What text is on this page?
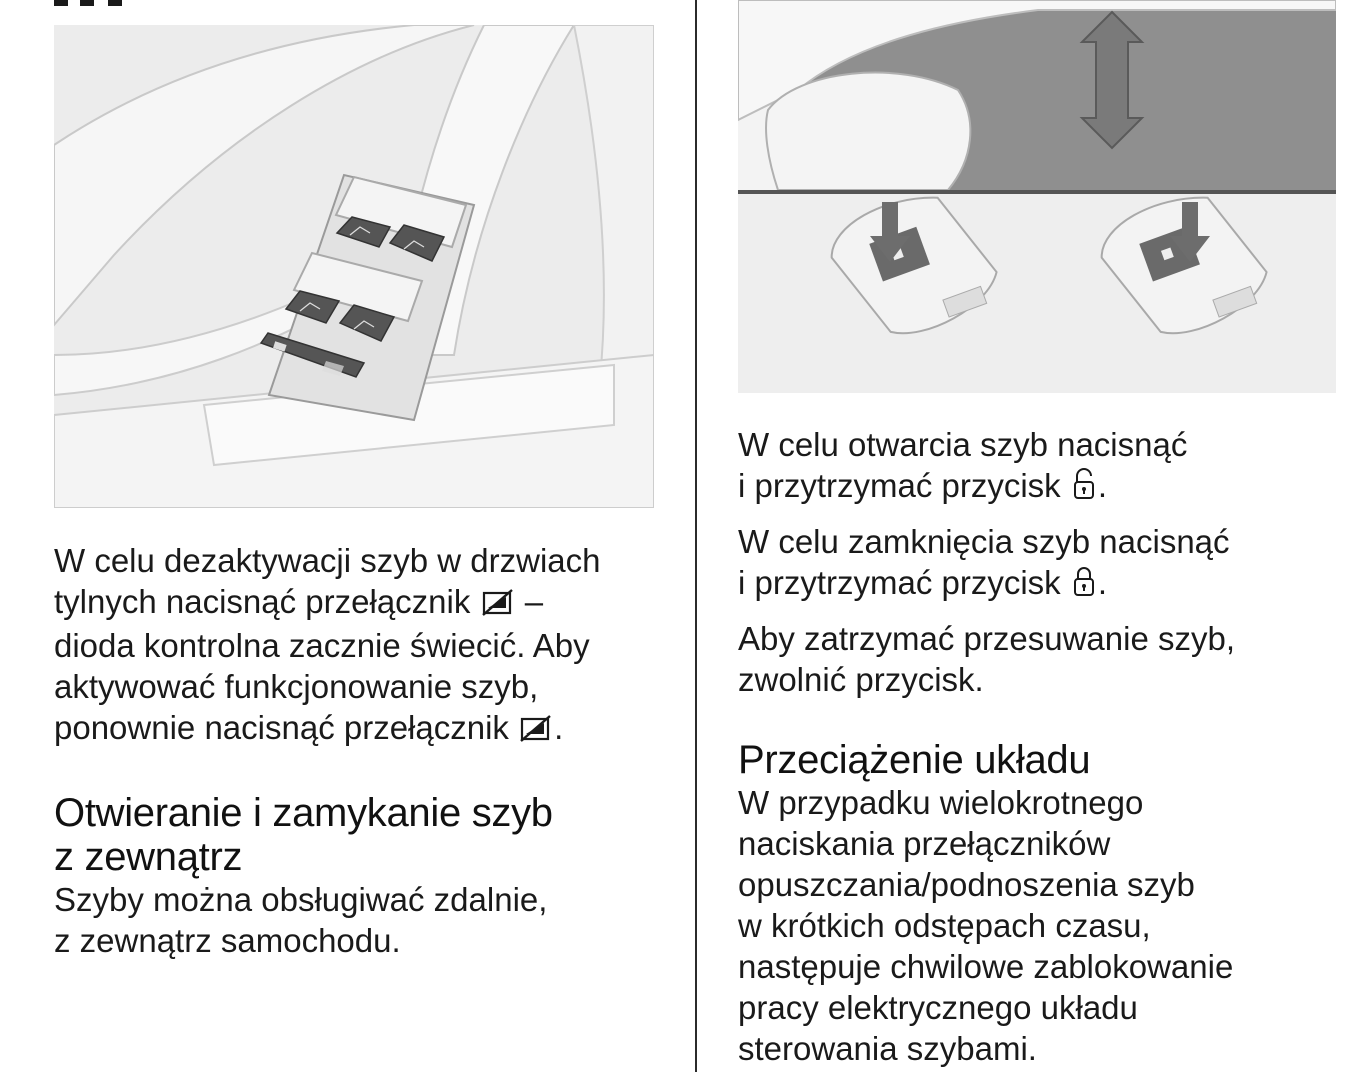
W celu dezaktywacji szyb w drzwiach
tylnych nacisnąć przełącznik  –
dioda kontrolna zacznie świecić. Aby
aktywować funkcjonowanie szyb,
ponownie nacisnąć przełącznik .

Otwieranie i zamykanie szyb
z zewnątrz

Szyby można obsługiwać zdalnie,
z zewnątrz samochodu.

W celu otwarcia szyb nacisnąć
i przytrzymać przycisk .

W celu zamknięcia szyb nacisnąć
i przytrzymać przycisk .

Aby zatrzymać przesuwanie szyb,
zwolnić przycisk.

Przeciążenie układu

W przypadku wielokrotnego
naciskania przełączników
opuszczania/podnoszenia szyb
w krótkich odstępach czasu,
następuje chwilowe zablokowanie
pracy elektrycznego układu
sterowania szybami.
